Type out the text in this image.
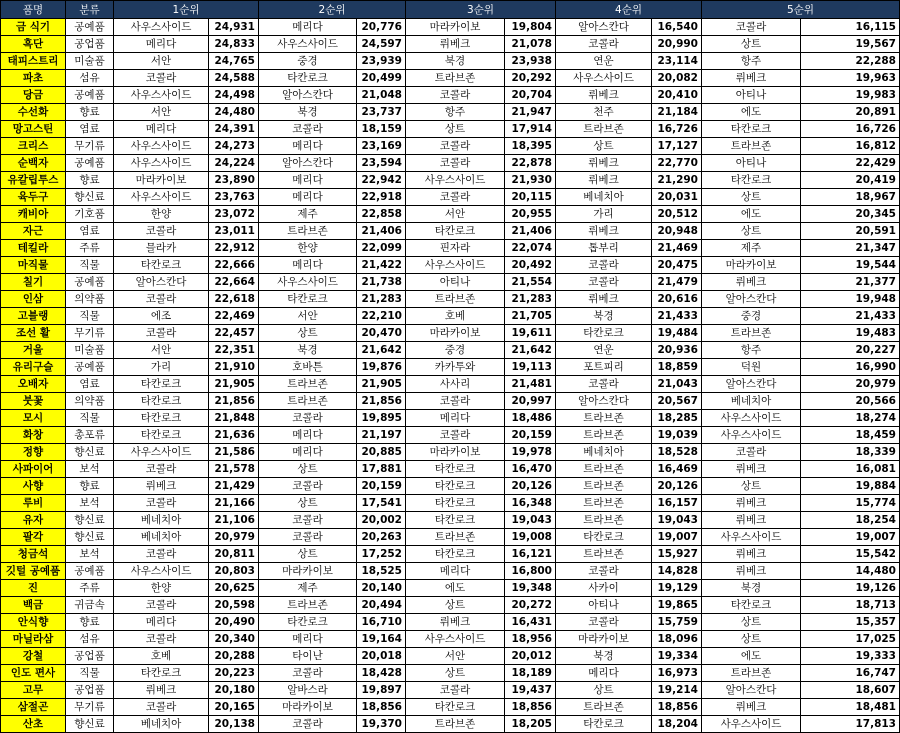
품명	분류	1순위		2순위		3순위		4순위		5순위	
금 식기	공예품	사우스사이드	24,931	메리다	20,776	마라카이보	19,804	알아스칸다	16,540	코콜라	16,115
흑단	공업품	메리다	24,833	사우스사이드	24,597	뤼베크	21,078	코콜라	20,990	상트	19,567
태피스트리	미술품	서안	24,765	중경	23,939	북경	23,938	연운	23,114	항주	22,288
파초	섬유	코콜라	24,588	타칸로크	20,499	트라브존	20,292	사우스사이드	20,082	뤼베크	19,963
당금	공예품	사우스사이드	24,498	알아스칸다	21,048	코콜라	20,704	뤼베크	20,410	아티나	19,983
수선화	향료	서안	24,480	북경	23,737	항주	21,947	천주	21,184	에도	20,891
망고스틴	염료	메리다	24,391	코콜라	18,159	상트	17,914	트라브존	16,726	타칸로크	16,726
크리스	무기류	사우스사이드	24,273	메리다	23,169	코콜라	18,395	상트	17,127	트라브존	16,812
순백자	공예품	사우스사이드	24,224	알아스칸다	23,594	코콜라	22,878	뤼베크	22,770	아티나	22,429
유칼립투스	향료	마라카이보	23,890	메리다	22,942	사우스사이드	21,930	뤼베크	21,290	타칸로크	20,419
육두구	향신료	사우스사이드	23,763	메리다	22,918	코콜라	20,115	베네치아	20,031	상트	18,967
캐비아	기호품	한양	23,072	제주	22,858	서안	20,955	가리	20,512	에도	20,345
자근	염료	코콜라	23,011	트라브존	21,406	타칸로크	21,406	뤼베크	20,948	상트	20,591
테킬라	주류	믈라카	22,912	한양	22,099	핀자라	22,074	톱부리	21,469	제주	21,347
마직물	직물	타칸로크	22,666	메리다	21,422	사우스사이드	20,492	코콜라	20,475	마라카이보	19,544
칠기	공예품	알아스칸다	22,664	사우스사이드	21,738	아티나	21,554	코콜라	21,479	뤼베크	21,377
인삼	의약품	코콜라	22,618	타칸로크	21,283	트라브존	21,283	뤼베크	20,616	알아스칸다	19,948
고블랭	직물	에조	22,469	서안	22,210	호베	21,705	북경	21,433	중경	21,433
조선 활	무기류	코콜라	22,457	상트	20,470	마라카이보	19,611	타칸로크	19,484	트라브존	19,483
거울	미술품	서안	22,351	북경	21,642	중경	21,642	연운	20,936	항주	20,227
유리구슬	공예품	가리	21,910	호바튼	19,876	카카투와	19,113	포트피리	18,859	덕원	16,990
오배자	염료	타칸로크	21,905	트라브존	21,905	사사리	21,481	코콜라	21,043	알아스칸다	20,979
붓꽃	의약품	타칸로크	21,856	트라브존	21,856	코콜라	20,997	알아스칸다	20,567	베네치아	20,566
모시	직물	타칸로크	21,848	코콜라	19,895	메리다	18,486	트라브존	18,285	사우스사이드	18,274
화창	총포류	타칸로크	21,636	메리다	21,197	코콜라	20,159	트라브존	19,039	사우스사이드	18,459
정향	향신료	사우스사이드	21,586	메리다	20,885	마라카이보	19,978	베네치아	18,528	코콜라	18,339
사파이어	보석	코콜라	21,578	상트	17,881	타칸로크	16,470	트라브존	16,469	뤼베크	16,081
사향	향료	뤼베크	21,429	코콜라	20,159	타칸로크	20,126	트라브존	20,126	상트	19,884
루비	보석	코콜라	21,166	상트	17,541	타칸로크	16,348	트라브존	16,157	뤼베크	15,774
유자	향신료	베네치아	21,106	코콜라	20,002	타칸로크	19,043	트라브존	19,043	뤼베크	18,254
팔각	향신료	베네치아	20,979	코콜라	20,263	트라브존	19,008	타칸로크	19,007	사우스사이드	19,007
청금석	보석	코콜라	20,811	상트	17,252	타칸로크	16,121	트라브존	15,927	뤼베크	15,542
깃털 공예품	공예품	사우스사이드	20,803	마라카이보	18,525	메리다	16,800	코콜라	14,828	뤼베크	14,480
진	주류	한양	20,625	제주	20,140	에도	19,348	사카이	19,129	북경	19,126
백금	귀금속	코콜라	20,598	트라브존	20,494	상트	20,272	아티나	19,865	타칸로크	18,713
안식향	향료	메리다	20,490	타칸로크	16,710	뤼베크	16,431	코콜라	15,759	상트	15,357
마닐라삼	섬유	코콜라	20,340	메리다	19,164	사우스사이드	18,956	마라카이보	18,096	상트	17,025
강철	공업품	호베	20,288	타이난	20,018	서안	20,012	북경	19,334	에도	19,333
인도 편사	직물	타칸로크	20,223	코콜라	18,428	상트	18,189	메리다	16,973	트라브존	16,747
고무	공업품	뤼베크	20,180	알바스라	19,897	코콜라	19,437	상트	19,214	알아스칸다	18,607
삼절곤	무기류	코콜라	20,165	마라카이보	18,856	타칸로크	18,856	트라브존	18,856	뤼베크	18,481
산초	향신료	베네치아	20,138	코콜라	19,370	트라브존	18,205	타칸로크	18,204	사우스사이드	17,813
